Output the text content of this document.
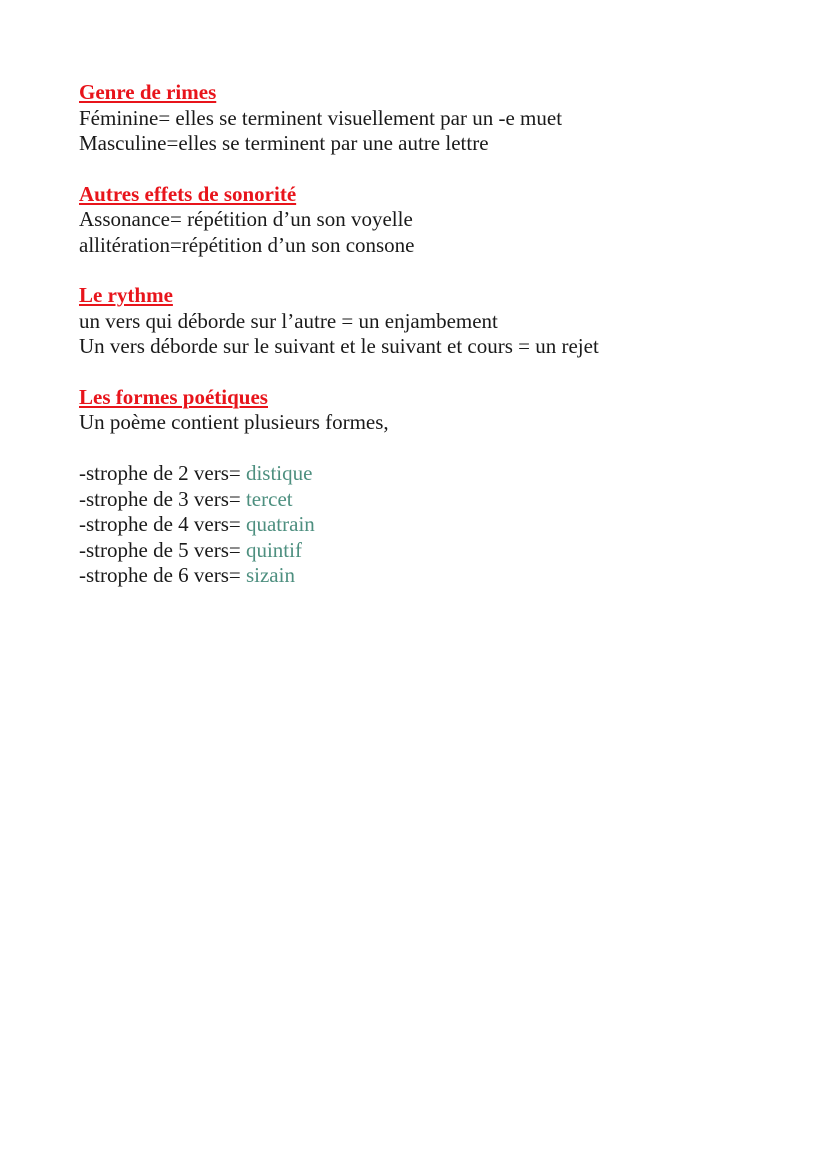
Genre de rimes
Féminine= elles se terminent visuellement par un -e muet
Masculine=elles se terminent par une autre lettre
Autres effets de sonorité
Assonance= répétition d’un son voyelle
allitération=répétition d’un son consone
Le rythme
un vers qui déborde sur l’autre = un enjambement
Un vers déborde sur le suivant et le suivant et cours = un rejet
Les formes poétiques
Un poème contient plusieurs formes,
-strophe de 2 vers= distique
-strophe de 3 vers= tercet
-strophe de 4 vers= quatrain
-strophe de 5 vers= quintif
-strophe de 6 vers= sizain
